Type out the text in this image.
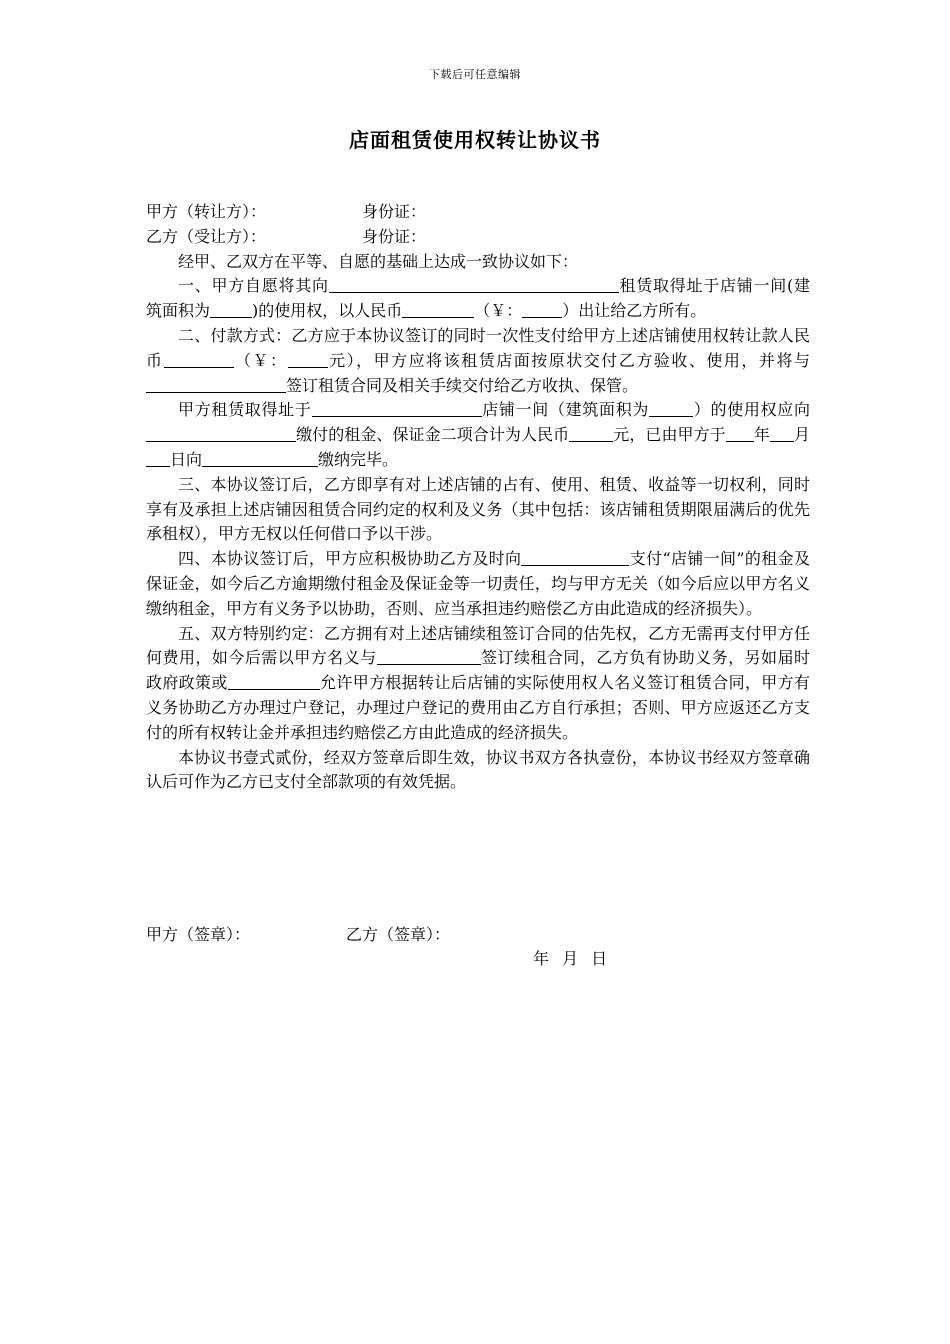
下载后可任意编辑
店面租赁使用权转让协议书
甲方（转让方）：	身份证：
乙方（受让方）：	身份证：
经甲、乙双方在平等、自愿的基础上达成一致协议如下：
一、甲方自愿将其向	租赁取得址于店铺一间(建筑面积为	)的使用权，以人民币	（￥：	）出让给乙方所有。
二、付款方式：乙方应于本协议签订的同时一次性支付给甲方上述店铺使用权转让款人民币	（￥：	元），甲方应将该租赁店面按原状交付乙方验收、使用，并将与签订租赁合同及相关手续交付给乙方收执、保管。
甲方租赁取得址于	店铺一间（建筑面积为	）的使用权应向缴付的租金、保证金二项合计为人民币	元，已由甲方于 年 月日向	缴纳完毕。
三、本协议签订后，乙方即享有对上述店铺的占有、使用、租赁、收益等一切权利，同时享有及承担上述店铺因租赁合同约定的权利及义务（其中包括：该店铺租赁期限届满后的优先承租权），甲方无权以任何借口予以干涉。
四、本协议签订后，甲方应积极协助乙方及时向	支付“店铺一间”的租金及保证金，如今后乙方逾期缴付租金及保证金等一切责任，均与甲方无关（如今后应以甲方名义缴纳租金，甲方有义务予以协助，否则、应当承担违约赔偿乙方由此造成的经济损失）。
五、双方特别约定：乙方拥有对上述店铺续租签订合同的估先权，乙方无需再支付甲方任何费用，如今后需以甲方名义与	签订续租合同，乙方负有协助义务，另如届时政府政策或	允许甲方根据转让后店铺的实际使用权人名义签订租赁合同，甲方有义务协助乙方办理过户登记，办理过户登记的费用由乙方自行承担；否则、甲方应返还乙方支付的所有权转让金并承担违约赔偿乙方由此造成的经济损失。
本协议书壹式贰份，经双方签章后即生效，协议书双方各执壹份，本协议书经双方签章确认后可作为乙方已支付全部款项的有效凭据。
甲方（签章）：	乙方（签章）：
年 月 日
